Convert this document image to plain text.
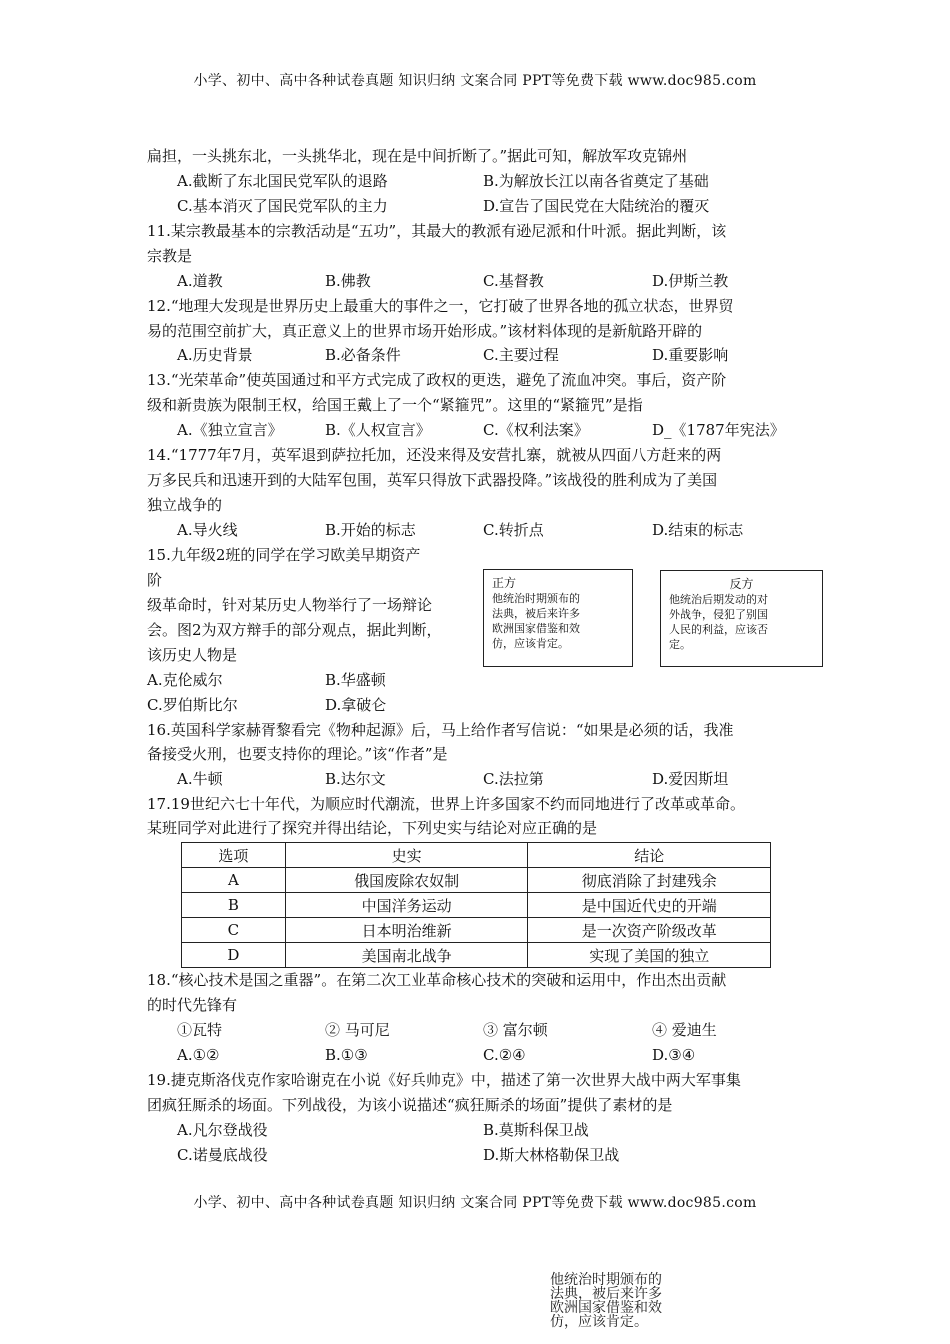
小学、初中、高中各种试卷真题 知识归纳 文案合同 PPT等免费下载 www.doc985.com
扁担，一头挑东北，一头挑华北，现在是中间折断了。”据此可知，解放军攻克锦州
A.截断了东北国民党军队的退路	B.为解放长江以南各省奠定了基础
C.基本消灭了国民党军队的主力	D.宣告了国民党在大陆统治的覆灭
11.某宗教最基本的宗教活动是“五功”，其最大的教派有逊尼派和什叶派。据此判断，该
宗教是
A.道教	B.佛教	C.基督教	D.伊斯兰教
12.“地理大发现是世界历史上最重大的事件之一，它打破了世界各地的孤立状态，世界贸
易的范围空前扩大，真正意义上的世界市场开始形成。”该材料体现的是新航路开辟的
A.历史背景	B.必备条件	C.主要过程	D.重要影响
13.“光荣革命”使英国通过和平方式完成了政权的更迭，避免了流血冲突。事后，资产阶
级和新贵族为限制王权，给国王戴上了一个“紧箍咒”。这里的“紧箍咒”是指
A.《独立宣言》	B.《人权宣言》	C.《权利法案》	D_《1787年宪法》
14.“1777年7月，英军退到萨拉托加，还没来得及安营扎寨，就被从四面八方赶来的两
万多民兵和迅速开到的大陆军包围，英军只得放下武器投降。”该战役的胜利成为了美国
独立战争的
A.导火线	B.开始的标志	C.转折点	D.结束的标志
15.九年级2班的同学在学习欧美早期资产
阶
级革命时，针对某历史人物举行了一场辩论
会。图2为双方辩手的部分观点，据此判断，
该历史人物是
A.克伦威尔	B.华盛顿
C.罗伯斯比尔	D.拿破仑
正方
他统治时期颁布的
法典，被后来许多
欧洲国家借鉴和效
仿，应该肯定。
反方
他统治后期发动的对
外战争，侵犯了别国
人民的利益，应该否
定。
16.英国科学家赫胥黎看完《物种起源》后，马上给作者写信说：“如果是必须的话，我准
备接受火刑，也要支持你的理论。”该“作者”是
A.牛顿	B.达尔文	C.法拉第	D.爱因斯坦
17.19世纪六七十年代，为顺应时代潮流，世界上许多国家不约而同地进行了改革或革命。
某班同学对此进行了探究并得出结论，下列史实与结论对应正确的是
选项	史实	结论
A	俄国废除农奴制	彻底消除了封建残余
B	中国洋务运动	是中国近代史的开端
C	日本明治维新	是一次资产阶级改革
D	美国南北战争	实现了美国的独立
18.“核心技术是国之重器”。在第二次工业革命核心技术的突破和运用中，作出杰出贡献
的时代先锋有
①瓦特	② 马可尼	③ 富尔顿	④ 爱迪生
A.①②	B.①③	C.②④	D.③④
19.捷克斯洛伐克作家哈谢克在小说《好兵帅克》中，描述了第一次世界大战中两大军事集
团疯狂厮杀的场面。下列战役，为该小说描述“疯狂厮杀的场面”提供了素材的是
A.凡尔登战役	B.莫斯科保卫战
C.诺曼底战役	D.斯大林格勒保卫战
小学、初中、高中各种试卷真题 知识归纳 文案合同 PPT等免费下载 www.doc985.com
他统治时期颁布的
法典，被后来许多
欧洲国家借鉴和效
仿，应该肯定。
